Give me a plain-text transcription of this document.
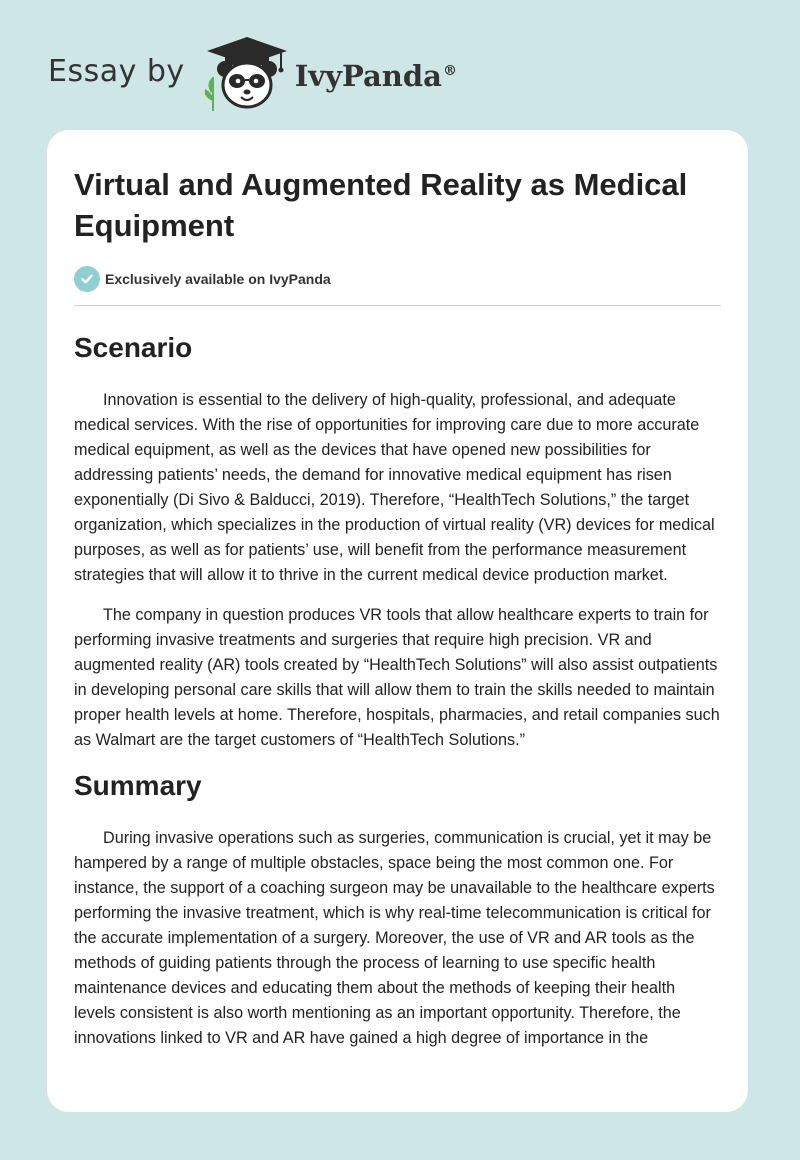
Essay by	IvyPanda®
Virtual and Augmented Reality as Medical Equipment
Exclusively available on IvyPanda
Scenario

Innovation is essential to the delivery of high-quality, professional, and adequate medical services. With the rise of opportunities for improving care due to more accurate medical equipment, as well as the devices that have opened new possibilities for addressing patients’ needs, the demand for innovative medical equipment has risen exponentially (Di Sivo & Balducci, 2019). Therefore, “HealthTech Solutions,” the target organization, which specializes in the production of virtual reality (VR) devices for medical purposes, as well as for patients’ use, will benefit from the performance measurement strategies that will allow it to thrive in the current medical device production market.

The company in question produces VR tools that allow healthcare experts to train for performing invasive treatments and surgeries that require high precision. VR and augmented reality (AR) tools created by “HealthTech Solutions” will also assist outpatients in developing personal care skills that will allow them to train the skills needed to maintain proper health levels at home. Therefore, hospitals, pharmacies, and retail companies such as Walmart are the target customers of “HealthTech Solutions.”

Summary

During invasive operations such as surgeries, communication is crucial, yet it may be hampered by a range of multiple obstacles, space being the most common one. For instance, the support of a coaching surgeon may be unavailable to the healthcare experts performing the invasive treatment, which is why real-time telecommunication is critical for the accurate implementation of a surgery. Moreover, the use of VR and AR tools as the methods of guiding patients through the process of learning to use specific health maintenance devices and educating them about the methods of keeping their health levels consistent is also worth mentioning as an important opportunity. Therefore, the innovations linked to VR and AR have gained a high degree of importance in the
